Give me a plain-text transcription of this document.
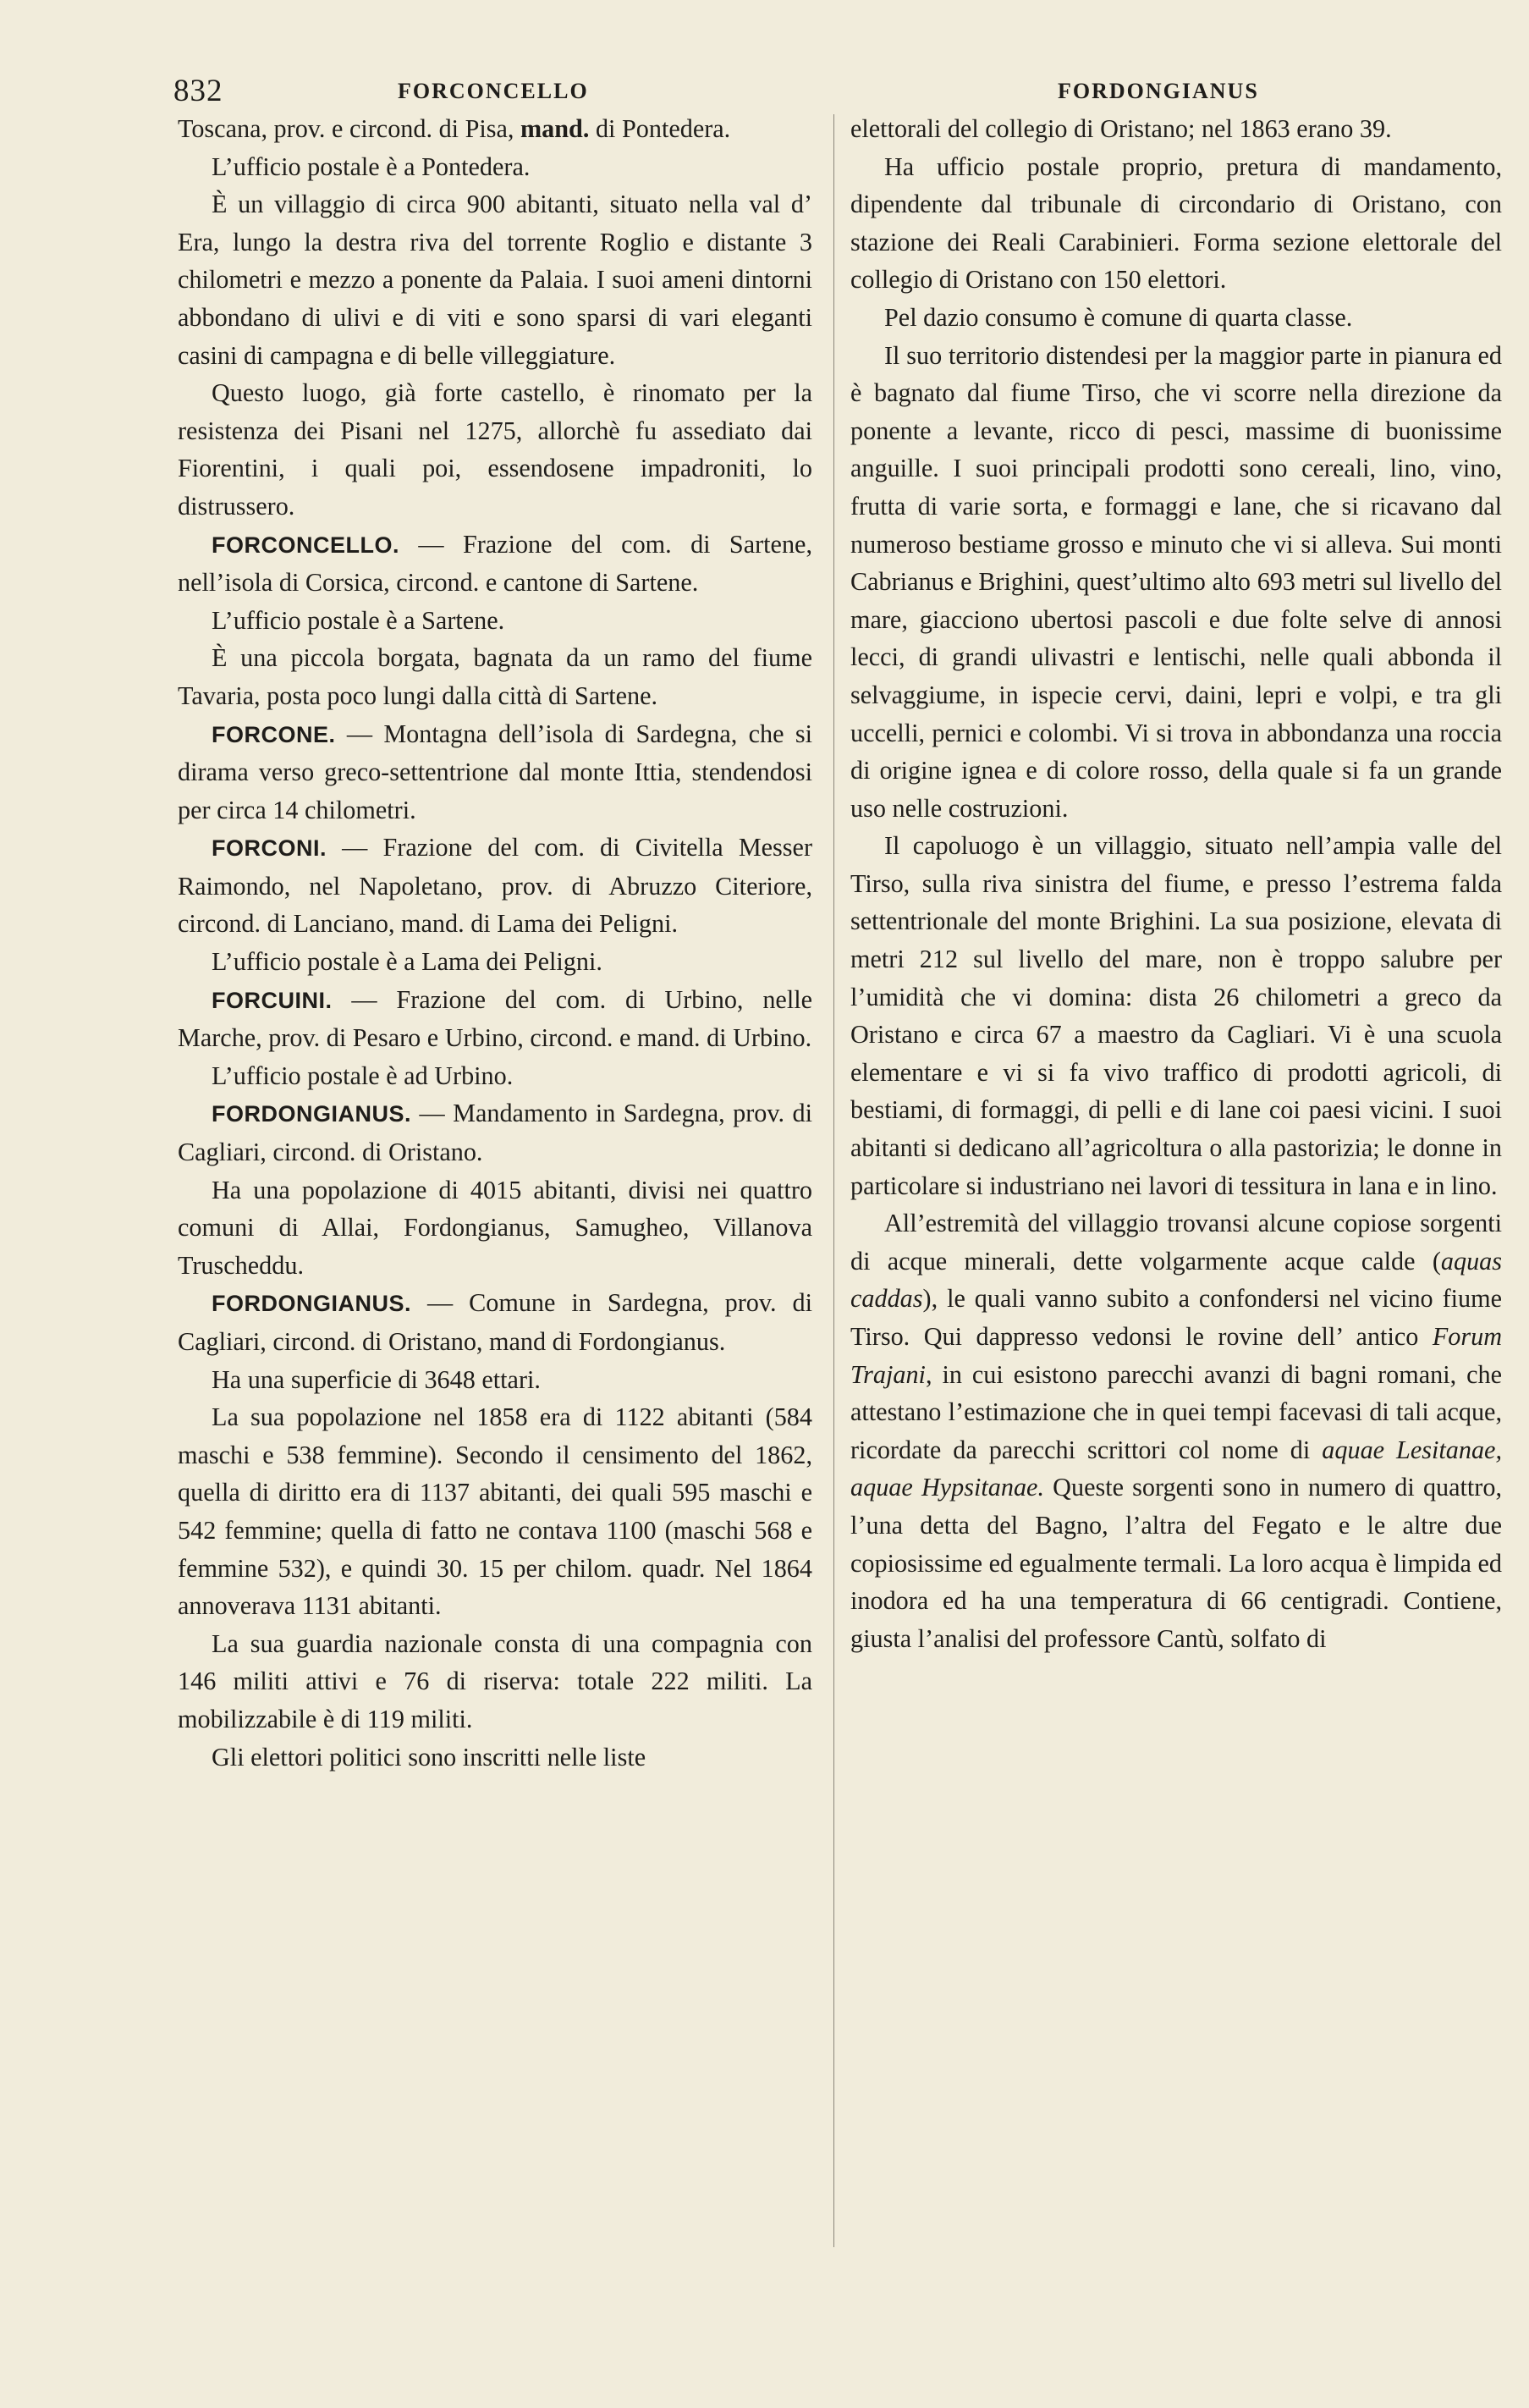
832	FORCONCELLO	FORDONGIANUS

Toscana, prov. e circond. di Pisa, mand. di Pontedera.

L’ufficio postale è a Pontedera.

È un villaggio di circa 900 abitanti, situato nella val d’ Era, lungo la destra riva del torrente Roglio e distante 3 chilometri e mezzo a ponente da Palaia. I suoi ameni dintorni abbondano di ulivi e di viti e sono sparsi di vari eleganti casini di campagna e di belle villeggiature.

Questo luogo, già forte castello, è rinomato per la resistenza dei Pisani nel 1275, allorchè fu assediato dai Fiorentini, i quali poi, essendosene impadroniti, lo distrussero.

FORCONCELLO. — Frazione del com. di Sartene, nell’isola di Corsica, circond. e cantone di Sartene.

L’ufficio postale è a Sartene.

È una piccola borgata, bagnata da un ramo del fiume Tavaria, posta poco lungi dalla città di Sartene.

FORCONE. — Montagna dell’isola di Sardegna, che si dirama verso greco-settentrione dal monte Ittia, stendendosi per circa 14 chilometri.

FORCONI. — Frazione del com. di Civitella Messer Raimondo, nel Napoletano, prov. di Abruzzo Citeriore, circond. di Lanciano, mand. di Lama dei Peligni.

L’ufficio postale è a Lama dei Peligni.

FORCUINI. — Frazione del com. di Urbino, nelle Marche, prov. di Pesaro e Urbino, circond. e mand. di Urbino.

L’ufficio postale è ad Urbino.

FORDONGIANUS. — Mandamento in Sardegna, prov. di Cagliari, circond. di Oristano.

Ha una popolazione di 4015 abitanti, divisi nei quattro comuni di Allai, Fordongianus, Samugheo, Villanova Truscheddu.

FORDONGIANUS. — Comune in Sardegna, prov. di Cagliari, circond. di Oristano, mand di Fordongianus.

Ha una superficie di 3648 ettari.

La sua popolazione nel 1858 era di 1122 abitanti (584 maschi e 538 femmine). Secondo il censimento del 1862, quella di diritto era di 1137 abitanti, dei quali 595 maschi e 542 femmine; quella di fatto ne contava 1100 (maschi 568 e femmine 532), e quindi 30. 15 per chilom. quadr. Nel 1864 annoverava 1131 abitanti.

La sua guardia nazionale consta di una compagnia con 146 militi attivi e 76 di riserva: totale 222 militi. La mobilizzabile è di 119 militi.

Gli elettori politici sono inscritti nelle liste

elettorali del collegio di Oristano; nel 1863 erano 39.

Ha ufficio postale proprio, pretura di mandamento, dipendente dal tribunale di circondario di Oristano, con stazione dei Reali Carabinieri. Forma sezione elettorale del collegio di Oristano con 150 elettori.

Pel dazio consumo è comune di quarta classe.

Il suo territorio distendesi per la maggior parte in pianura ed è bagnato dal fiume Tirso, che vi scorre nella direzione da ponente a levante, ricco di pesci, massime di buonissime anguille. I suoi principali prodotti sono cereali, lino, vino, frutta di varie sorta, e formaggi e lane, che si ricavano dal numeroso bestiame grosso e minuto che vi si alleva. Sui monti Cabrianus e Brighini, quest’ultimo alto 693 metri sul livello del mare, giacciono ubertosi pascoli e due folte selve di annosi lecci, di grandi ulivastri e lentischi, nelle quali abbonda il selvaggiume, in ispecie cervi, daini, lepri e volpi, e tra gli uccelli, pernici e colombi. Vi si trova in abbondanza una roccia di origine ignea e di colore rosso, della quale si fa un grande uso nelle costruzioni.

Il capoluogo è un villaggio, situato nell’ampia valle del Tirso, sulla riva sinistra del fiume, e presso l’estrema falda settentrionale del monte Brighini. La sua posizione, elevata di metri 212 sul livello del mare, non è troppo salubre per l’umidità che vi domina: dista 26 chilometri a greco da Oristano e circa 67 a maestro da Cagliari. Vi è una scuola elementare e vi si fa vivo traffico di prodotti agricoli, di bestiami, di formaggi, di pelli e di lane coi paesi vicini. I suoi abitanti si dedicano all’agricoltura o alla pastorizia; le donne in particolare si industriano nei lavori di tessitura in lana e in lino.

All’estremità del villaggio trovansi alcune copiose sorgenti di acque minerali, dette volgarmente acque calde (aquas caddas), le quali vanno subito a confondersi nel vicino fiume Tirso. Qui dappresso vedonsi le rovine dell’ antico Forum Trajani, in cui esistono parecchi avanzi di bagni romani, che attestano l’estimazione che in quei tempi facevasi di tali acque, ricordate da parecchi scrittori col nome di aquae Lesitanae, aquae Hypsitanae. Queste sorgenti sono in numero di quattro, l’una detta del Bagno, l’altra del Fegato e le altre due copiosissime ed egualmente termali. La loro acqua è limpida ed inodora ed ha una temperatura di 66 centigradi. Contiene, giusta l’analisi del professore Cantù, solfato di
